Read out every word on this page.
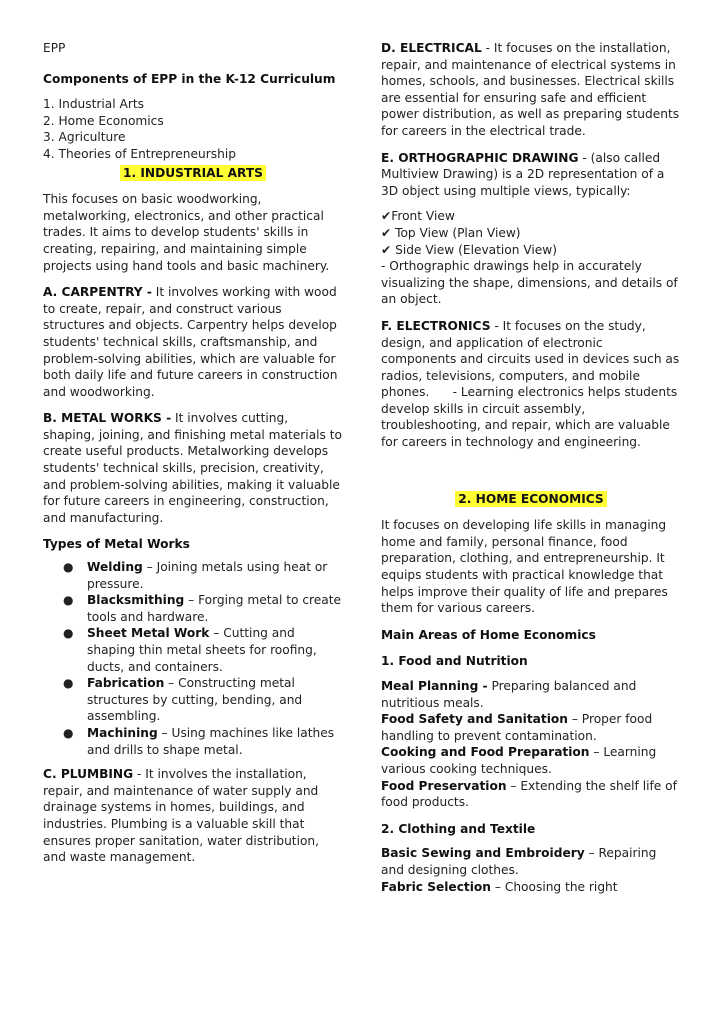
EPP
Components of EPP in the K-12 Curriculum
1. Industrial Arts
2. Home Economics
3. Agriculture
4. Theories of Entrepreneurship
1. INDUSTRIAL ARTS

This focuses on basic woodworking, metalworking, electronics, and other practical trades. It aims to develop students' skills in creating, repairing, and maintaining simple projects using hand tools and basic machinery.

A. CARPENTRY - It involves working with wood to create, repair, and construct various structures and objects. Carpentry helps develop students' technical skills, craftsmanship, and problem-solving abilities, which are valuable for both daily life and future careers in construction and woodworking.

B. METAL WORKS - It involves cutting, shaping, joining, and finishing metal materials to create useful products. Metalworking develops students' technical skills, precision, creativity, and problem-solving abilities, making it valuable for future careers in engineering, construction, and manufacturing.

Types of Metal Works
● Welding – Joining metals using heat or pressure.
● Blacksmithing – Forging metal to create tools and hardware.
● Sheet Metal Work – Cutting and shaping thin metal sheets for roofing, ducts, and containers.
● Fabrication – Constructing metal structures by cutting, bending, and assembling.
● Machining – Using machines like lathes and drills to shape metal.

C. PLUMBING - It involves the installation, repair, and maintenance of water supply and drainage systems in homes, buildings, and industries. Plumbing is a valuable skill that ensures proper sanitation, water distribution, and waste management.

D. ELECTRICAL - It focuses on the installation, repair, and maintenance of electrical systems in homes, schools, and businesses. Electrical skills are essential for ensuring safe and efficient power distribution, as well as preparing students for careers in the electrical trade.

E. ORTHOGRAPHIC DRAWING - (also called Multiview Drawing) is a 2D representation of a 3D object using multiple views, typically:

✔Front View
✔ Top View (Plan View)
✔ Side View (Elevation View)

- Orthographic drawings help in accurately visualizing the shape, dimensions, and details of an object.

F. ELECTRONICS - It focuses on the study, design, and application of electronic components and circuits used in devices such as radios, televisions, computers, and mobile phones.      - Learning electronics helps students develop skills in circuit assembly, troubleshooting, and repair, which are valuable for careers in technology and engineering.

2. HOME ECONOMICS

It focuses on developing life skills in managing home and family, personal finance, food preparation, clothing, and entrepreneurship. It equips students with practical knowledge that helps improve their quality of life and prepares them for various careers.

Main Areas of Home Economics
1. Food and Nutrition

Meal Planning - Preparing balanced and nutritious meals.

Food Safety and Sanitation – Proper food handling to prevent contamination.

Cooking and Food Preparation – Learning various cooking techniques.

Food Preservation – Extending the shelf life of food products.

2. Clothing and Textile

Basic Sewing and Embroidery – Repairing and designing clothes.

Fabric Selection – Choosing the right
